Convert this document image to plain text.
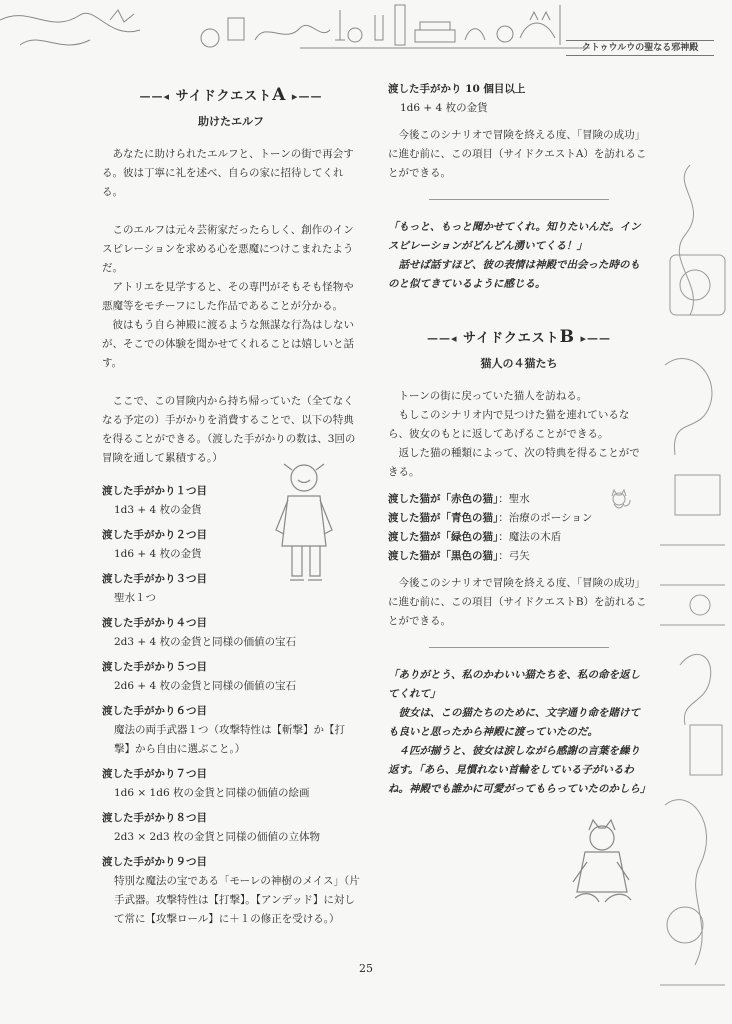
クトゥウルウの聖なる邪神殿
——◂ サイドクエストA ▸——
助けたエルフ

あなたに助けられたエルフと、トーンの街で再会する。彼は丁寧に礼を述べ、自らの家に招待してくれる。

このエルフは元々芸術家だったらしく、創作のインスピレーションを求める心を悪魔につけこまれたようだ。

アトリエを見学すると、その専門がそもそも怪物や悪魔等をモチーフにした作品であることが分かる。

彼はもう自ら神殿に渡るような無謀な行為はしないが、そこでの体験を聞かせてくれることは嬉しいと話す。

ここで、この冒険内から持ち帰っていた（全てなくなる予定の）手がかりを消費することで、以下の特典を得ることができる。（渡した手がかりの数は、3回の冒険を通して累積する。）

渡した手がかり１つ目
1d3 + 4 枚の金貨
渡した手がかり２つ目
1d6 + 4 枚の金貨
渡した手がかり３つ目
聖水１つ
渡した手がかり４つ目
2d3 + 4 枚の金貨と同様の価値の宝石
渡した手がかり５つ目
2d6 + 4 枚の金貨と同様の価値の宝石
渡した手がかり６つ目
魔法の両手武器１つ（攻撃特性は【斬撃】か【打撃】から自由に選ぶこと。）
渡した手がかり７つ目
1d6 × 1d6 枚の金貨と同様の価値の絵画
渡した手がかり８つ目
2d3 × 2d3 枚の金貨と同様の価値の立体物
渡した手がかり９つ目
特別な魔法の宝である「モーレの神樹のメイス」（片手武器。攻撃特性は【打撃】。【アンデッド】に対して常に【攻撃ロール】に＋１の修正を受ける。）
渡した手がかり 10 個目以上
1d6 + 4 枚の金貨

今後このシナリオで冒険を終える度、「冒険の成功」に進む前に、この項目（サイドクエストA）を訪れることができる。

「もっと、もっと聞かせてくれ。知りたいんだ。インスピレーションがどんどん湧いてくる！」

話せば話すほど、彼の表情は神殿で出会った時のものと似てきているように感じる。

——◂ サイドクエストB ▸——
猫人の４猫たち

トーンの街に戻っていた猫人を訪ねる。

もしこのシナリオ内で見つけた猫を連れているなら、彼女のもとに返してあげることができる。

返した猫の種類によって、次の特典を得ることができる。

渡した猫が「赤色の猫」：聖水

渡した猫が「青色の猫」：治療のポーション

渡した猫が「緑色の猫」：魔法の木盾

渡した猫が「黒色の猫」：弓矢

今後このシナリオで冒険を終える度、「冒険の成功」に進む前に、この項目（サイドクエストB）を訪れることができる。

「ありがとう、私のかわいい猫たちを、私の命を返してくれて」

彼女は、この猫たちのために、文字通り命を賭けても良いと思ったから神殿に渡っていたのだ。

４匹が揃うと、彼女は涙しながら感謝の言葉を繰り返す。「あら、見慣れない首輪をしている子がいるわね。神殿でも誰かに可愛がってもらっていたのかしら」

25
